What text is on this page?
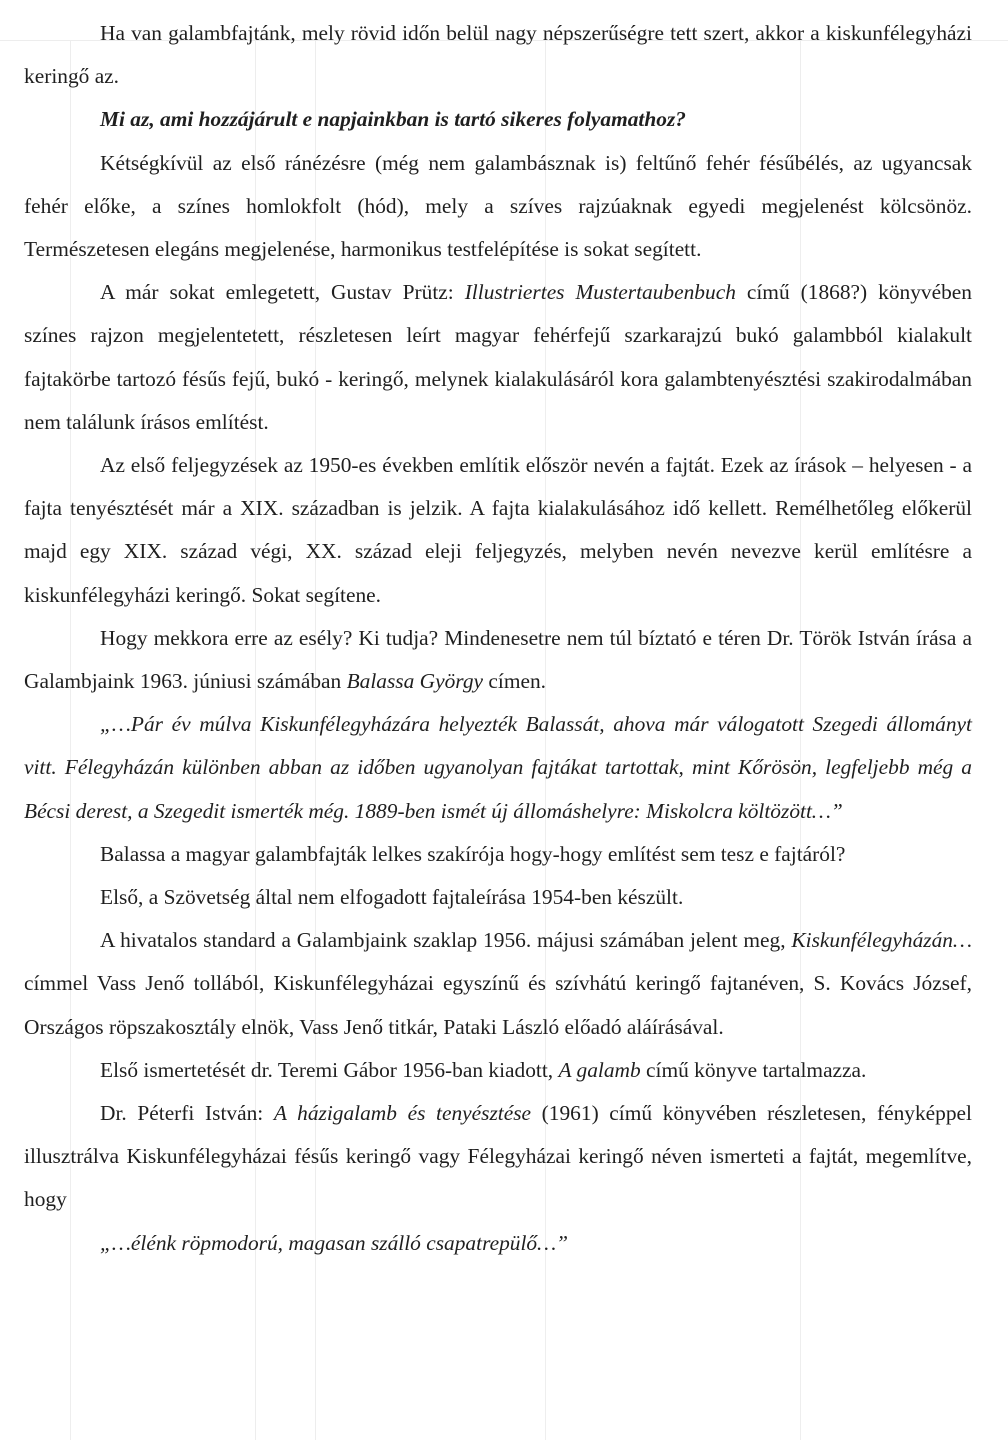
Ha van galambfajtánk, mely rövid időn belül nagy népszerűségre tett szert, akkor a kiskunfélegyházi keringő az.

Mi az, ami hozzájárult e napjainkban is tartó sikeres folyamathoz?

Kétségkívül az első ránézésre (még nem galambásznak is) feltűnő fehér fésűbélés, az ugyancsak fehér előke, a színes homlokfolt (hód), mely a szíves rajzúaknak egyedi megjelenést kölcsönöz. Természetesen elegáns megjelenése, harmonikus testfelépítése is sokat segített.

A már sokat emlegetett, Gustav Prütz: Illustriertes Mustertaubenbuch című (1868?) könyvében színes rajzon megjelentetett, részletesen leírt magyar fehérfejű szarkarajzú bukó galambból kialakult fajtakörbe tartozó fésűs fejű, bukó - keringő, melynek kialakulásáról kora galambtenyésztési szakirodalmában nem találunk írásos említést.

Az első feljegyzések az 1950-es években említik először nevén a fajtát. Ezek az írások – helyesen - a fajta tenyésztését már a XIX. században is jelzik. A fajta kialakulásához idő kellett. Remélhetőleg előkerül majd egy XIX. század végi, XX. század eleji feljegyzés, melyben nevén nevezve kerül említésre a kiskunfélegyházi keringő. Sokat segítene.

Hogy mekkora erre az esély? Ki tudja? Mindenesetre nem túl bíztató e téren Dr. Török István írása a Galambjaink 1963. júniusi számában Balassa György címen.

„…Pár év múlva Kiskunfélegyházára helyezték Balassát, ahova már válogatott Szegedi állományt vitt. Félegyházán különben abban az időben ugyanolyan fajtákat tartottak, mint Kőrösön, legfeljebb még a Bécsi derest, a Szegedit ismerték még. 1889-ben ismét új állomáshelyre: Miskolcra költözött…”

Balassa a magyar galambfajták lelkes szakírója hogy-hogy említést sem tesz e fajtáról?

Első, a Szövetség által nem elfogadott fajtaleírása 1954-ben készült.

A hivatalos standard a Galambjaink szaklap 1956. májusi számában jelent meg, Kiskunfélegyházán…címmel Vass Jenő tollából, Kiskunfélegyházai egyszínű és szívhátú keringő fajtanéven, S. Kovács József, Országos röpszakosztály elnök, Vass Jenő titkár, Pataki László előadó aláírásával.

Első ismertetését dr. Teremi Gábor 1956-ban kiadott, A galamb című könyve tartalmazza.

Dr. Péterfi István: A házigalamb és tenyésztése (1961) című könyvében részletesen, fényképpel illusztrálva Kiskunfélegyházai fésűs keringő vagy Félegyházai keringő néven ismerteti a fajtát, megemlítve, hogy

„…élénk röpmodorú, magasan szálló csapatrepülő…”
